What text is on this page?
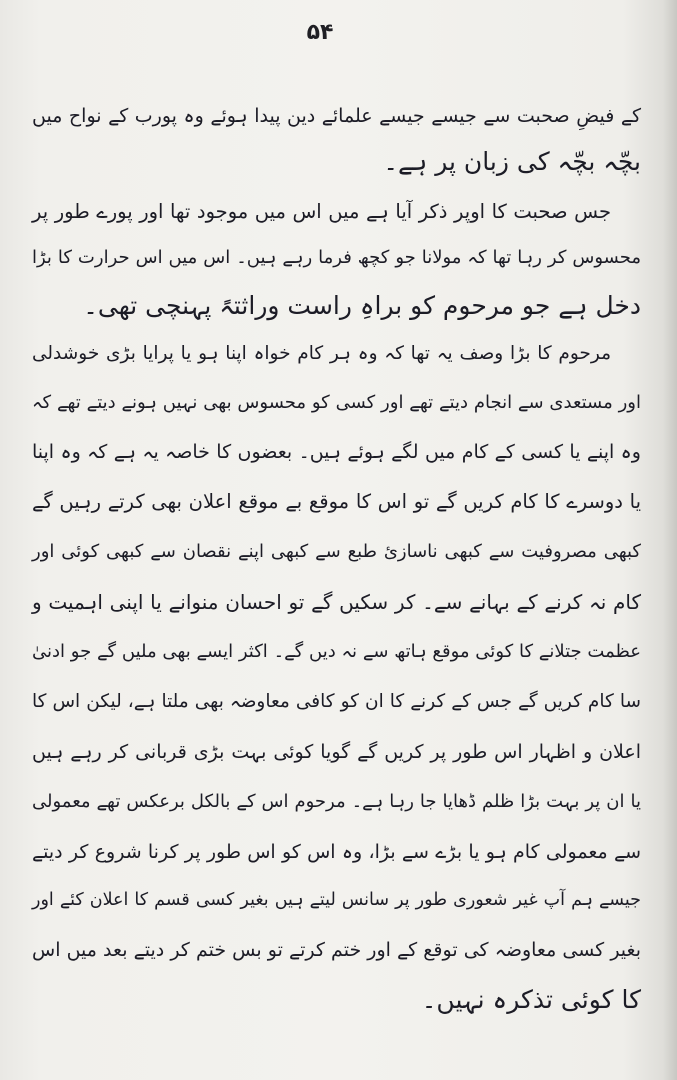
۵۴
کے فیضِ صحبت سے جیسے جیسے علمائے دین پیدا ہوئے وہ پورب کے نواح میں
بچّہ بچّہ کی زبان پر ہے۔
جس صحبت کا اوپر ذکر آیا ہے میں اس میں موجود تھا اور پورے طور پر
محسوس کر رہا تھا کہ مولانا جو کچھ فرما رہے ہیں۔ اس میں اس حرارت کا بڑا
دخل ہے جو مرحوم کو براہِ راست وراثتہً پہنچی تھی۔
مرحوم کا بڑا وصف یہ تھا کہ وہ ہر کام خواہ اپنا ہو یا پرایا بڑی خوشدلی
اور مستعدی سے انجام دیتے تھے اور کسی کو محسوس بھی نہیں ہونے دیتے تھے کہ
وہ اپنے یا کسی کے کام میں لگے ہوئے ہیں۔ بعضوں کا خاصہ یہ ہے کہ وہ اپنا
یا دوسرے کا کام کریں گے تو اس کا موقع بے موقع اعلان بھی کرتے رہیں گے
کبھی مصروفیت سے کبھی ناسازیٔ طبع سے کبھی اپنے نقصان سے کبھی کوئی اور
کام نہ کرنے کے بہانے سے۔ کر سکیں گے تو احسان منوانے یا اپنی اہمیت و
عظمت جتلانے کا کوئی موقع ہاتھ سے نہ دیں گے۔ اکثر ایسے بھی ملیں گے جو ادنیٰ
سا کام کریں گے جس کے کرنے کا ان کو کافی معاوضہ بھی ملتا ہے، لیکن اس کا
اعلان و اظہار اس طور پر کریں گے گویا کوئی بہت بڑی قربانی کر رہے ہیں
یا ان پر بہت بڑا ظلم ڈھایا جا رہا ہے۔ مرحوم اس کے بالکل برعکس تھے معمولی
سے معمولی کام ہو یا بڑے سے بڑا، وہ اس کو اس طور پر کرنا شروع کر دیتے
جیسے ہم آپ غیر شعوری طور پر سانس لیتے ہیں بغیر کسی قسم کا اعلان کئے اور
بغیر کسی معاوضہ کی توقع کے اور ختم کرتے تو بس ختم کر دیتے بعد میں اس
کا کوئی تذکرہ نہیں۔
